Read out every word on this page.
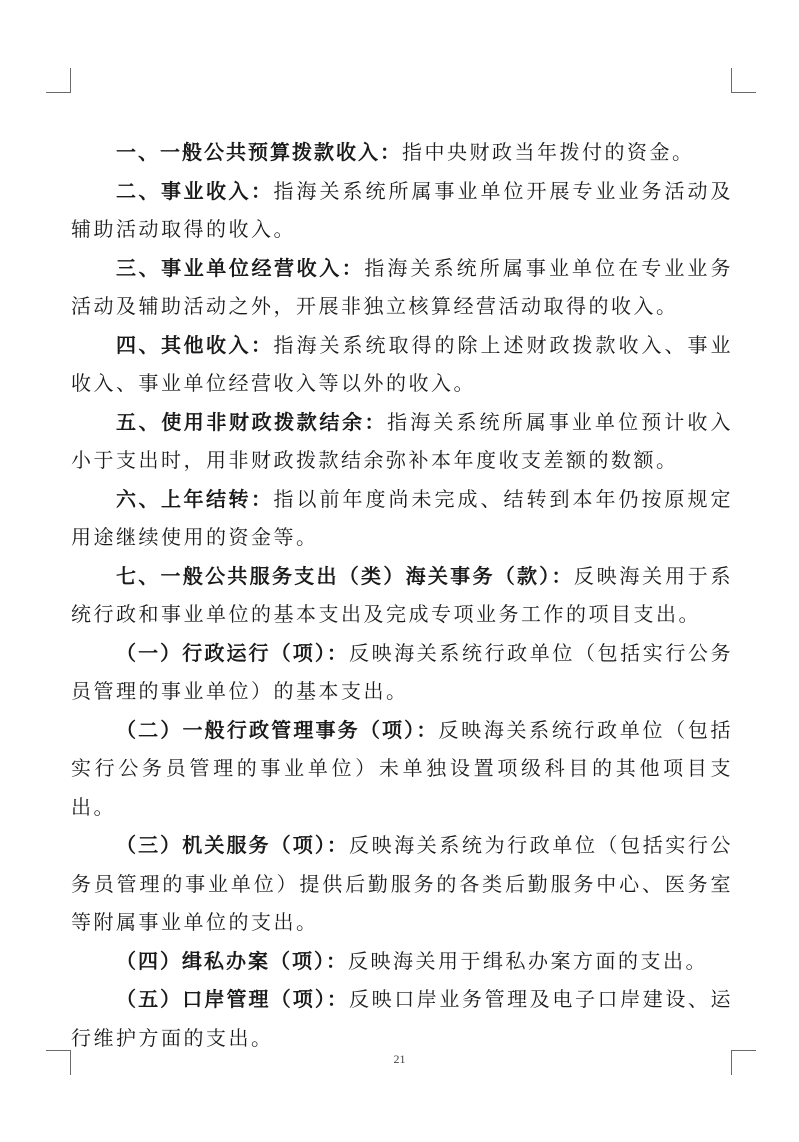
一、一般公共预算拨款收入：指中央财政当年拨付的资金。

二、事业收入：指海关系统所属事业单位开展专业业务活动及辅助活动取得的收入。

三、事业单位经营收入：指海关系统所属事业单位在专业业务活动及辅助活动之外，开展非独立核算经营活动取得的收入。

四、其他收入：指海关系统取得的除上述财政拨款收入、事业收入、事业单位经营收入等以外的收入。

五、使用非财政拨款结余：指海关系统所属事业单位预计收入小于支出时，用非财政拨款结余弥补本年度收支差额的数额。

六、上年结转：指以前年度尚未完成、结转到本年仍按原规定用途继续使用的资金等。

七、一般公共服务支出（类）海关事务（款）：反映海关用于系统行政和事业单位的基本支出及完成专项业务工作的项目支出。

（一）行政运行（项）：反映海关系统行政单位（包括实行公务员管理的事业单位）的基本支出。

（二）一般行政管理事务（项）：反映海关系统行政单位（包括实行公务员管理的事业单位）未单独设置项级科目的其他项目支出。

（三）机关服务（项）：反映海关系统为行政单位（包括实行公务员管理的事业单位）提供后勤服务的各类后勤服务中心、医务室等附属事业单位的支出。

（四）缉私办案（项）：反映海关用于缉私办案方面的支出。

（五）口岸管理（项）：反映口岸业务管理及电子口岸建设、运行维护方面的支出。

21
